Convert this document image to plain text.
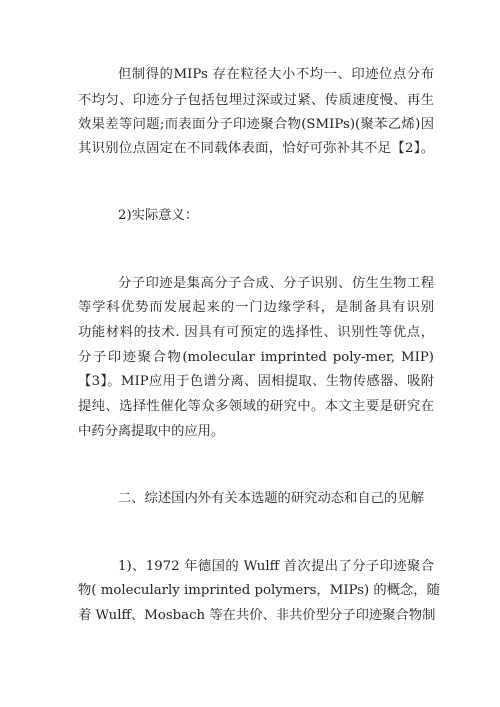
但制得的MIPs 存在粒径大小不均一、印迹位点分布
不均匀、印迹分子包括包埋过深或过紧、传质速度慢、再生
效果差等问题;而表面分子印迹聚合物(SMIPs)(聚苯乙烯)因
其识别位点固定在不同载体表面，恰好可弥补其不足【2】。
2)实际意义：
分子印迹是集高分子合成、分子识别、仿生生物工程
等学科优势而发展起来的一门边缘学科，是制备具有识别
功能材料的技术. 因具有可预定的选择性、识别性等优点，
分子印迹聚合物(molecular imprinted poly-mer, MIP)
【3】。MIP应用于色谱分离、固相提取、生物传感器、吸附
提纯、选择性催化等众多领域的研究中。本文主要是研究在
中药分离提取中的应用。
二、综述国内外有关本选题的研究动态和自己的见解
1)、1972 年德国的 Wulff 首次提出了分子印迹聚合
物( molecularly imprinted polymers，MIPs) 的概念，随
着 Wulff、Mosbach 等在共价、非共价型分子印迹聚合物制
